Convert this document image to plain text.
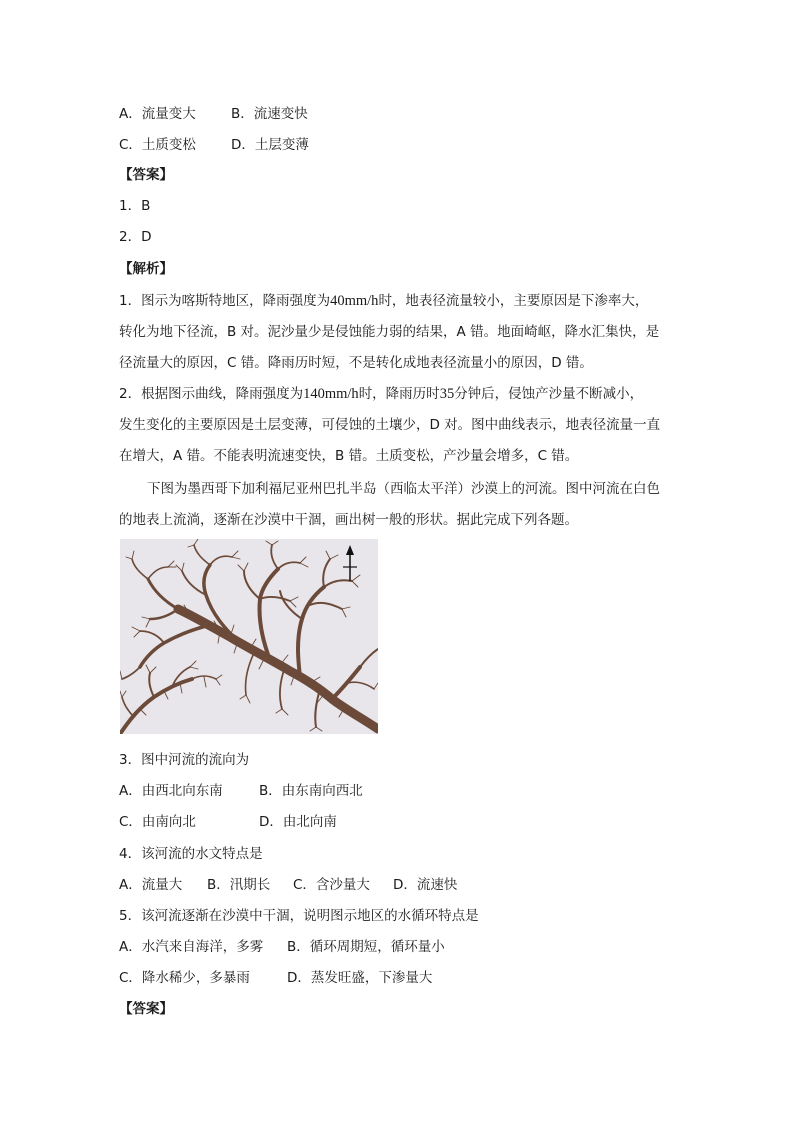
A．流量变大	B．流速变快
C．土质变松	D．土层变薄
【答案】
1．B
2．D
【解析】
1．图示为喀斯特地区，降雨强度为40mm/h时，地表径流量较小，主要原因是下渗率大，
转化为地下径流，B 对。泥沙量少是侵蚀能力弱的结果，A 错。地面崎岖，降水汇集快，是
径流量大的原因，C 错。降雨历时短，不是转化成地表径流量小的原因，D 错。
2．根据图示曲线，降雨强度为140mm/h时，降雨历时35分钟后，侵蚀产沙量不断减小，
发生变化的主要原因是土层变薄，可侵蚀的土壤少，D 对。图中曲线表示，地表径流量一直
在增大，A 错。不能表明流速变快，B 错。土质变松，产沙量会增多，C 错。
下图为墨西哥下加利福尼亚州巴扎半岛（西临太平洋）沙漠上的河流。图中河流在白色
的地表上流淌，逐渐在沙漠中干涸，画出树一般的形状。据此完成下列各题。
3．图中河流的流向为
A．由西北向东南	B．由东南向西北
C．由南向北	D．由北向南
4．该河流的水文特点是
A．流量大 B．汛期长 C．含沙量大 D．流速快
5．该河流逐渐在沙漠中干涸，说明图示地区的水循环特点是
A．水汽来自海洋，多雾 B．循环周期短，循环量小
C．降水稀少，多暴雨	D．蒸发旺盛，下渗量大
【答案】
